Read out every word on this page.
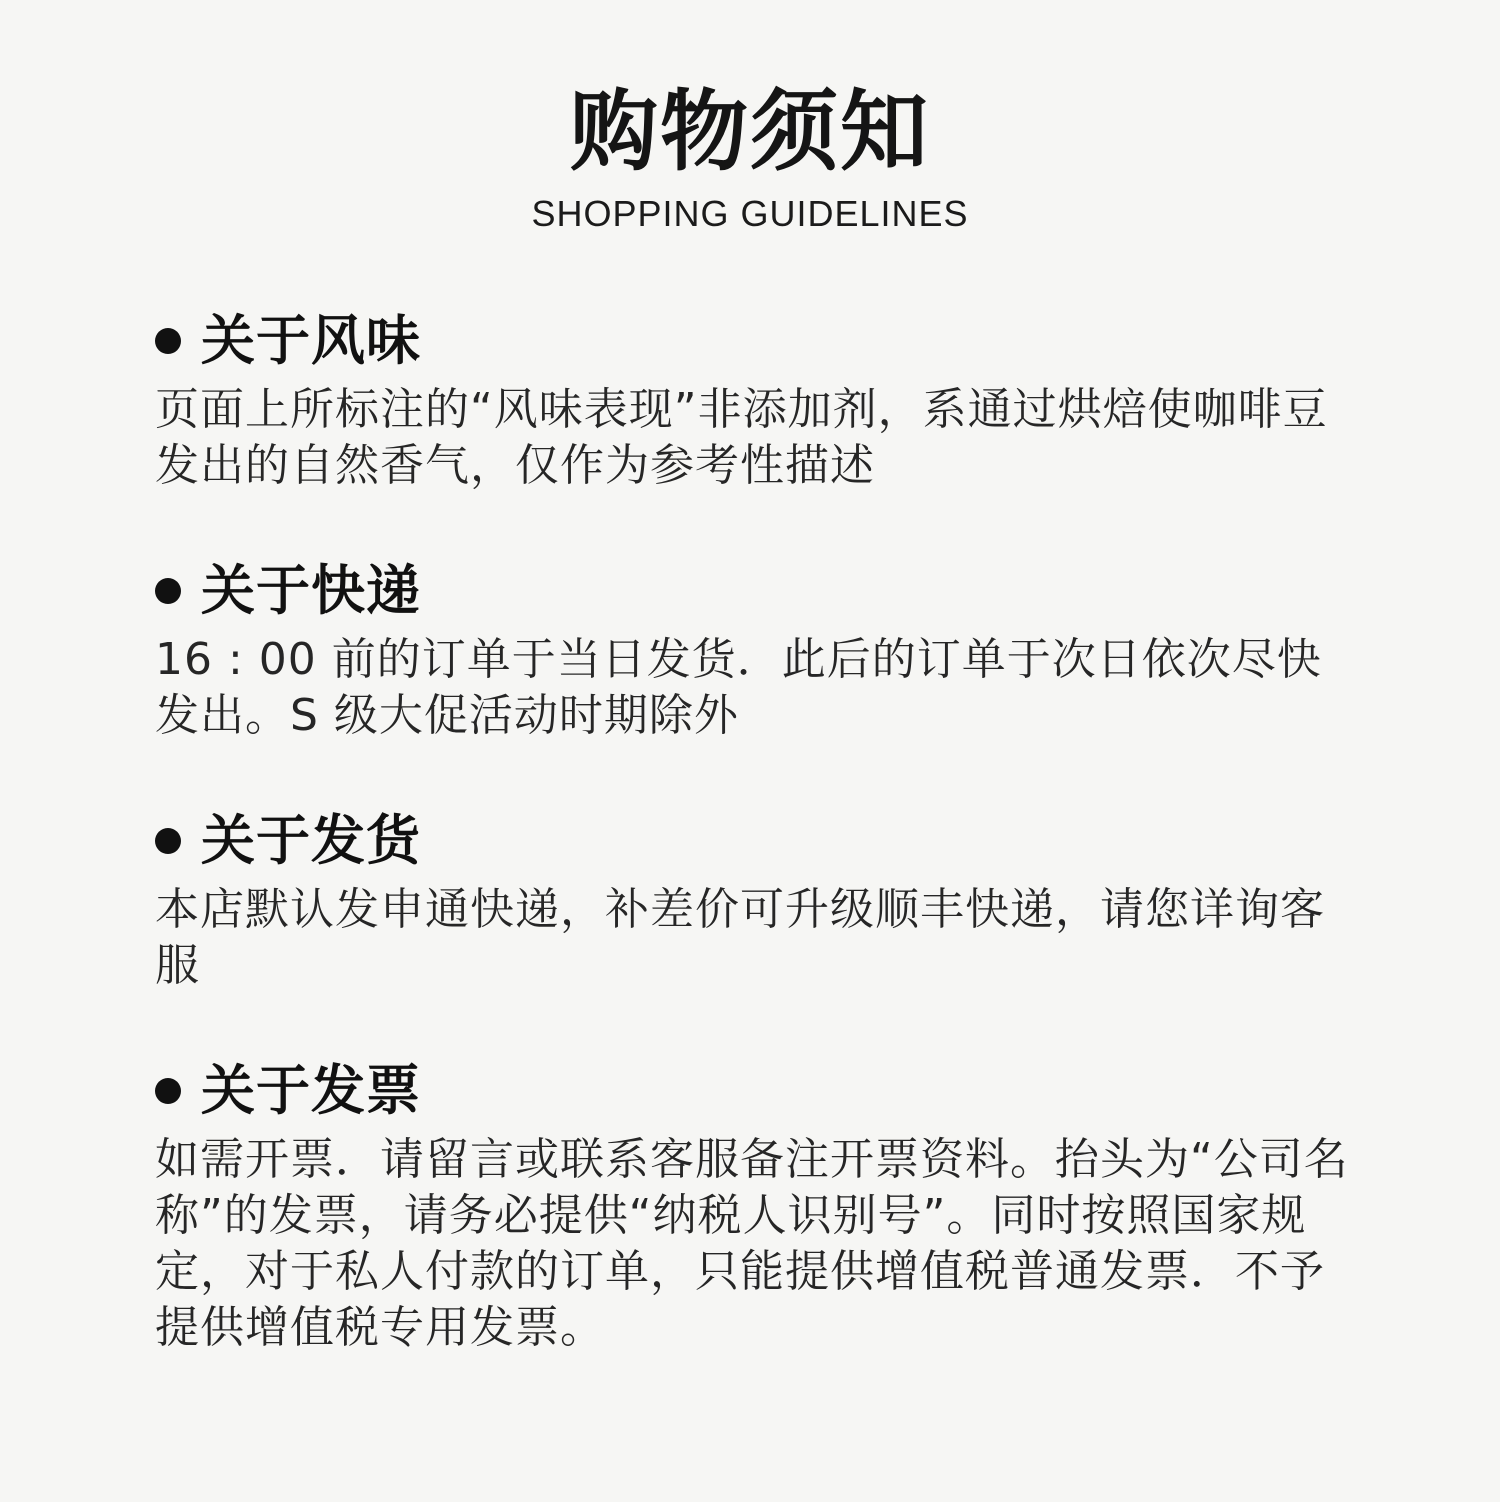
购物须知
SHOPPING GUIDELINES
关于风味
页面上所标注的“风味表现”非添加剂，系通过烘焙使咖啡豆发出的自然香气，仅作为参考性描述
关于快递
16 : 00 前的订单于当日发货．此后的订单于次日依次尽快发出。S 级大促活动时期除外
关于发货
本店默认发申通快递，补差价可升级顺丰快递，请您详询客服
关于发票
如需开票．请留言或联系客服备注开票资料。抬头为“公司名称”的发票，请务必提供“纳税人识别号”。同时按照国家规定，对于私人付款的订单，只能提供增值税普通发票．不予提供增值税专用发票。
